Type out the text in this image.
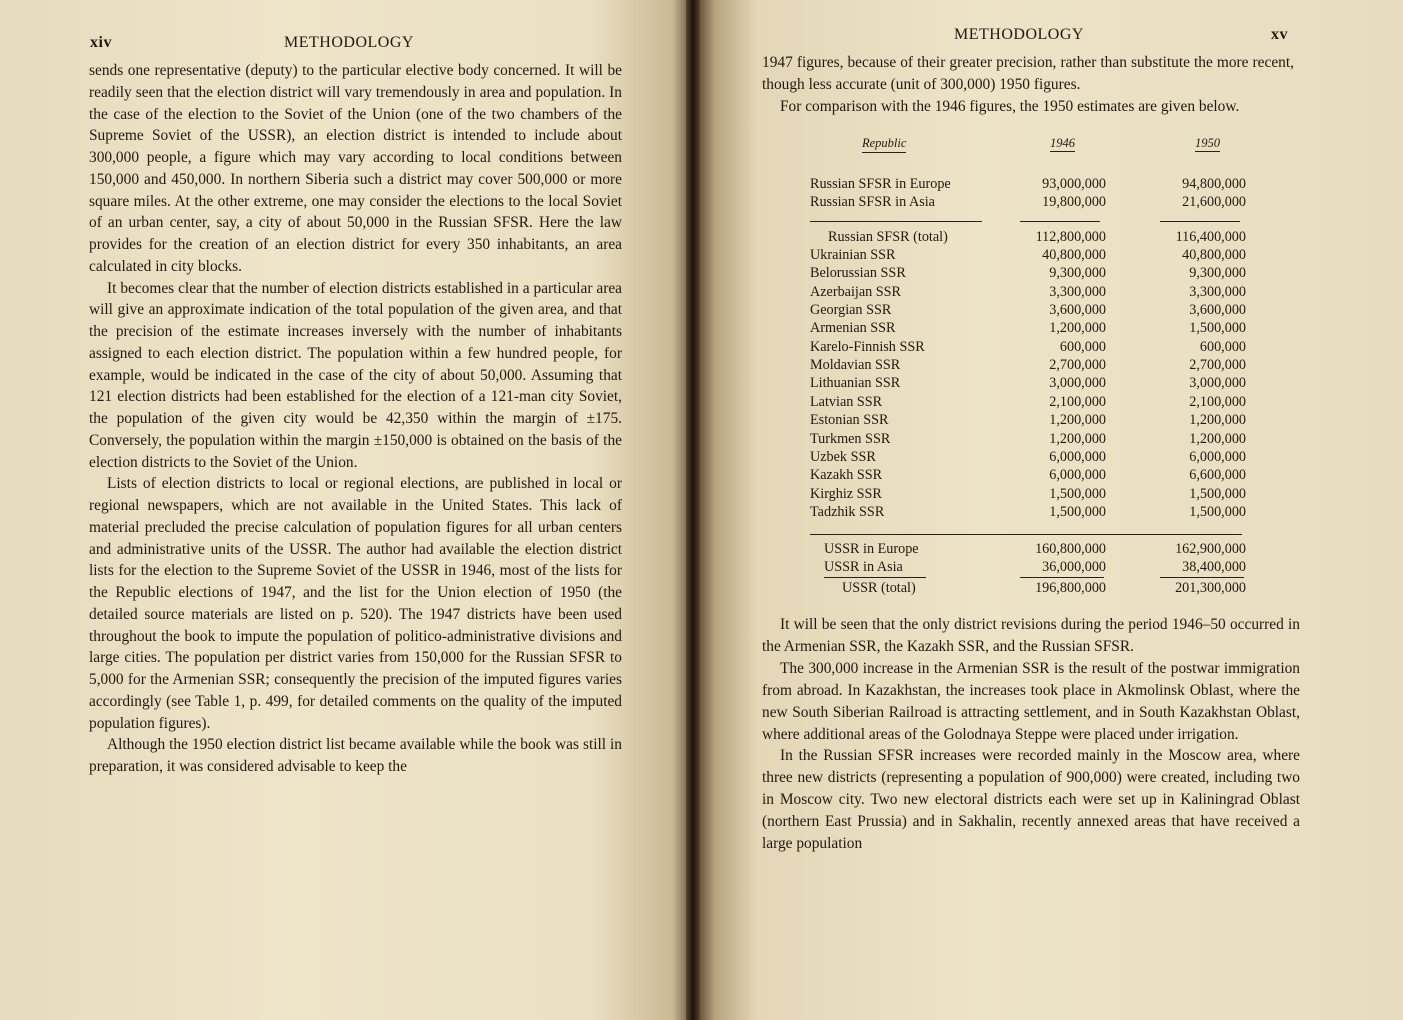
xiv	METHODOLOGY

sends one representative (deputy) to the particular elective body concerned. It will be readily seen that the election district will vary tremendously in area and population. In the case of the election to the Soviet of the Union (one of the two chambers of the Supreme Soviet of the USSR), an election district is intended to include about 300,000 people, a figure which may vary according to local conditions between 150,000 and 450,000. In northern Siberia such a district may cover 500,000 or more square miles. At the other extreme, one may consider the elections to the local Soviet of an urban center, say, a city of about 50,000 in the Russian SFSR. Here the law provides for the creation of an election district for every 350 inhabitants, an area calculated in city blocks.

It becomes clear that the number of election districts established in a particular area will give an approximate indication of the total population of the given area, and that the precision of the estimate increases inversely with the number of inhabitants assigned to each election district. The population within a few hundred people, for example, would be indicated in the case of the city of about 50,000. Assuming that 121 election districts had been established for the election of a 121-man city Soviet, the population of the given city would be 42,350 within the margin of ±175. Conversely, the population within the margin ±150,000 is obtained on the basis of the election districts to the Soviet of the Union.

Lists of election districts to local or regional elections, are published in local or regional newspapers, which are not available in the United States. This lack of material precluded the precise calculation of population figures for all urban centers and administrative units of the USSR. The author had available the election district lists for the election to the Supreme Soviet of the USSR in 1946, most of the lists for the Republic elections of 1947, and the list for the Union election of 1950 (the detailed source materials are listed on p. 520). The 1947 districts have been used throughout the book to impute the population of politico-administrative divisions and large cities. The population per district varies from 150,000 for the Russian SFSR to 5,000 for the Armenian SSR; consequently the precision of the imputed figures varies accordingly (see Table 1, p. 499, for detailed comments on the quality of the imputed population figures).

Although the 1950 election district list became available while the book was still in preparation, it was considered advisable to keep the

METHODOLOGY	xv

1947 figures, because of their greater precision, rather than substitute the more recent, though less accurate (unit of 300,000) 1950 figures.

For comparison with the 1946 figures, the 1950 estimates are given below.

Republic	1946	1950
Russian SFSR in Europe	93,000,000	94,800,000
Russian SFSR in Asia	19,800,000	21,600,000
Russian SFSR (total)	112,800,000	116,400,000
Ukrainian SSR	40,800,000	40,800,000
Belorussian SSR	9,300,000	9,300,000
Azerbaijan SSR	3,300,000	3,300,000
Georgian SSR	3,600,000	3,600,000
Armenian SSR	1,200,000	1,500,000
Karelo-Finnish SSR	600,000	600,000
Moldavian SSR	2,700,000	2,700,000
Lithuanian SSR	3,000,000	3,000,000
Latvian SSR	2,100,000	2,100,000
Estonian SSR	1,200,000	1,200,000
Turkmen SSR	1,200,000	1,200,000
Uzbek SSR	6,000,000	6,000,000
Kazakh SSR	6,000,000	6,600,000
Kirghiz SSR	1,500,000	1,500,000
Tadzhik SSR	1,500,000	1,500,000
USSR in Europe	160,800,000	162,900,000
USSR in Asia	36,000,000	38,400,000
USSR (total)	196,800,000	201,300,000

It will be seen that the only district revisions during the period 1946–50 occurred in the Armenian SSR, the Kazakh SSR, and the Russian SFSR.

The 300,000 increase in the Armenian SSR is the result of the postwar immigration from abroad. In Kazakhstan, the increases took place in Akmolinsk Oblast, where the new South Siberian Railroad is attracting settlement, and in South Kazakhstan Oblast, where additional areas of the Golodnaya Steppe were placed under irrigation.

In the Russian SFSR increases were recorded mainly in the Moscow area, where three new districts (representing a population of 900,000) were created, including two in Moscow city. Two new electoral districts each were set up in Kaliningrad Oblast (northern East Prussia) and in Sakhalin, recently annexed areas that have received a large population
